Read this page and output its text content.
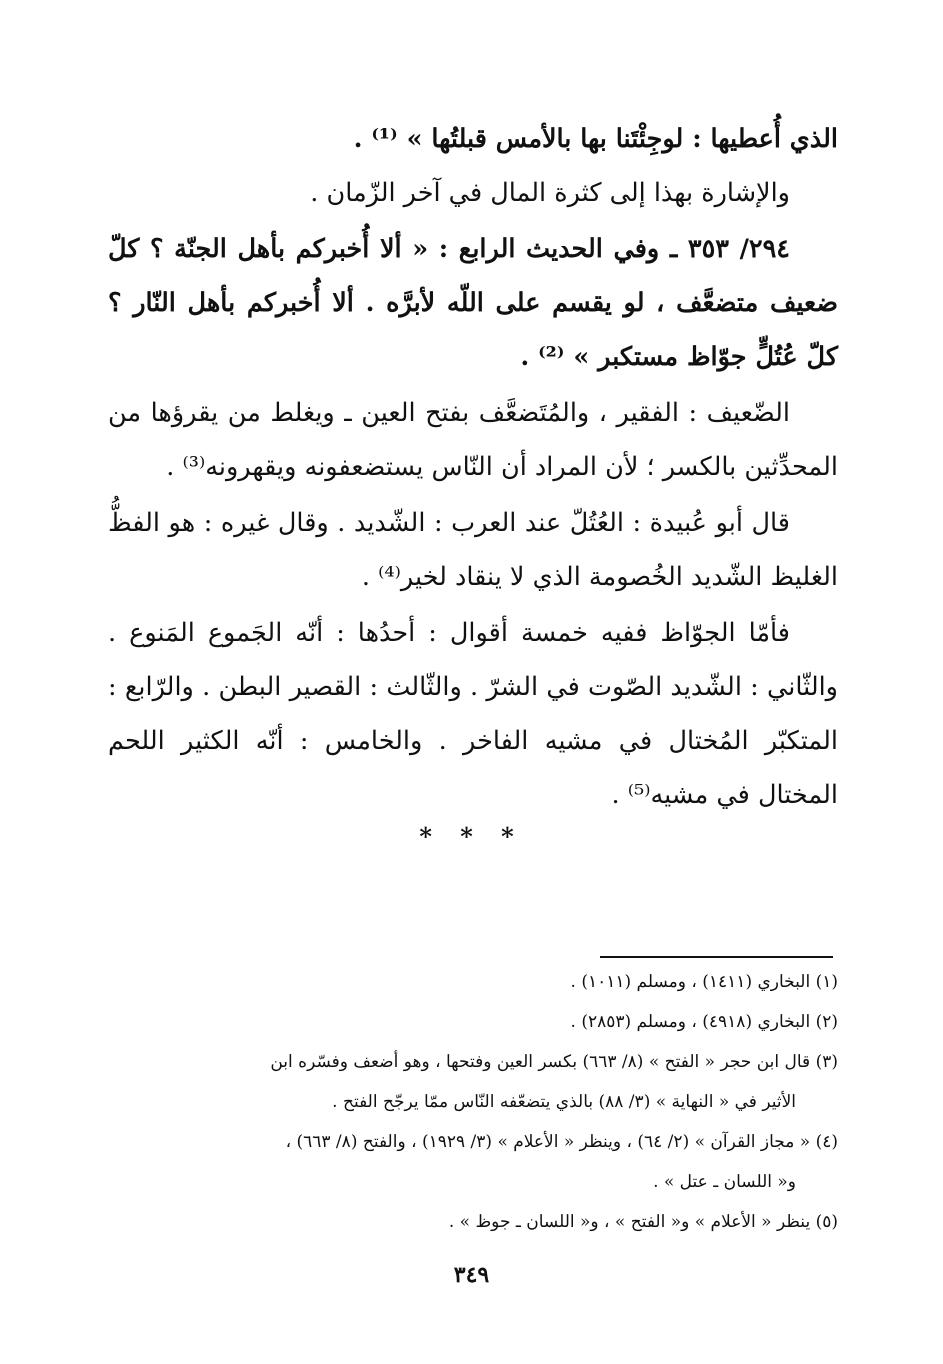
الذي أُعطيها : لوجِئْتَنا بها بالأمس قبلتُها » ⁽¹⁾ .

والإشارة بهذا إلى كثرة المال في آخر الزّمان .

٢٩٤/ ٣٥٣ ـ وفي الحديث الرابع : « ألا أُخبركم بأهل الجنّة ؟ كلّ ضعيف متضعَّف ، لو يقسم على اللّه لأبرَّه . ألا أُخبركم بأهل النّار ؟ كلّ عُتُلٍّ جوّاظ مستكبر » ⁽²⁾ .

الضّعيف : الفقير ، والمُتَضعَّف بفتح العين ـ ويغلط من يقرؤها من المحدِّثين بالكسر ؛ لأن المراد أن النّاس يستضعفونه ويقهرونه⁽³⁾ .

قال أبو عُبيدة : العُتُلّ عند العرب : الشّديد . وقال غيره : هو الفظُّ الغليظ الشّديد الخُصومة الذي لا ينقاد لخير⁽⁴⁾ .

فأمّا الجوّاظ ففيه خمسة أقوال : أحدُها : أنّه الجَموع المَنوع . والثّاني : الشّديد الصّوت في الشرّ . والثّالث : القصير البطن . والرّابع : المتكبّر المُختال في مشيه الفاخر . والخامس : أنّه الكثير اللحم المختال في مشيه⁽⁵⁾ .

* * *

(١) البخاري (١٤١١) ، ومسلم (١٠١١) .

(٢) البخاري (٤٩١٨) ، ومسلم (٢٨٥٣) .

(٣) قال ابن حجر « الفتح » (٨/ ٦٦٣) بكسر العين وفتحها ، وهو أضعف وفسّره ابن

الأثير في « النهاية » (٣/ ٨٨) بالذي يتضعّفه النّاس ممّا يرجّح الفتح .

(٤) « مجاز القرآن » (٢/ ٦٤) ، وينظر « الأعلام » (٣/ ١٩٢٩) ، والفتح (٨/ ٦٦٣) ،

و« اللسان ـ عتل » .

(٥) ينظر « الأعلام » و« الفتح » ، و« اللسان ـ جوظ » .

٣٤٩
